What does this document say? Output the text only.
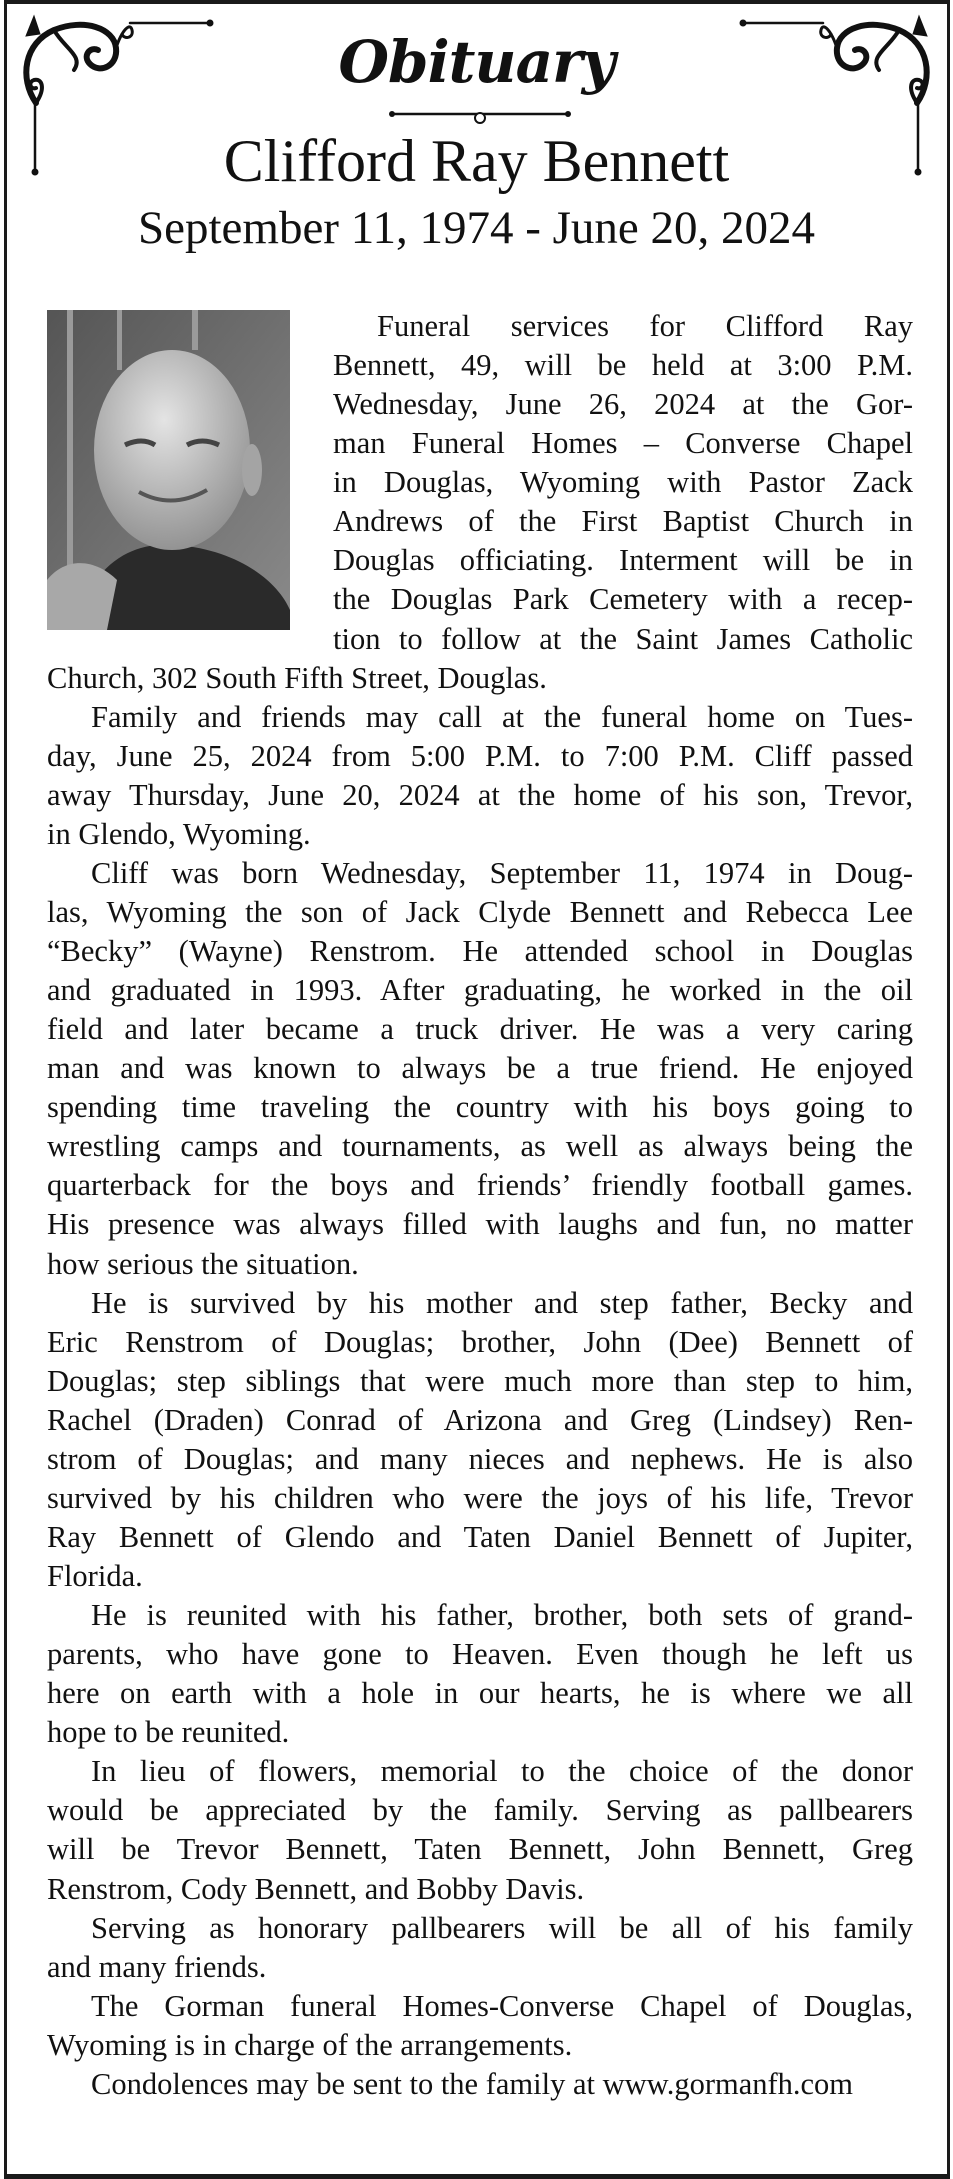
Obituary
Clifford Ray Bennett
September 11, 1974 - June 20, 2024
Funeral services for Clifford Ray
Bennett, 49, will be held at 3:00 P.M.
Wednesday, June 26, 2024 at the Gor-
man Funeral Homes – Converse Chapel
in Douglas, Wyoming with Pastor Zack
Andrews of the First Baptist Church in
Douglas officiating. Interment will be in
the Douglas Park Cemetery with a recep-
tion to follow at the Saint James Catholic
Church, 302 South Fifth Street, Douglas.
Family and friends may call at the funeral home on Tues-
day, June 25, 2024 from 5:00 P.M. to 7:00 P.M. Cliff passed
away Thursday, June 20, 2024 at the home of his son, Trevor,
in Glendo, Wyoming.
Cliff was born Wednesday, September 11, 1974 in Doug-
las, Wyoming the son of Jack Clyde Bennett and Rebecca Lee
“Becky” (Wayne) Renstrom. He attended school in Douglas
and graduated in 1993. After graduating, he worked in the oil
field and later became a truck driver. He was a very caring
man and was known to always be a true friend. He enjoyed
spending time traveling the country with his boys going to
wrestling camps and tournaments, as well as always being the
quarterback for the boys and friends’ friendly football games.
His presence was always filled with laughs and fun, no matter
how serious the situation.
He is survived by his mother and step father, Becky and
Eric Renstrom of Douglas; brother, John (Dee) Bennett of
Douglas; step siblings that were much more than step to him,
Rachel (Draden) Conrad of Arizona and Greg (Lindsey) Ren-
strom of Douglas; and many nieces and nephews. He is also
survived by his children who were the joys of his life, Trevor
Ray Bennett of Glendo and Taten Daniel Bennett of Jupiter,
Florida.
He is reunited with his father, brother, both sets of grand-
parents, who have gone to Heaven. Even though he left us
here on earth with a hole in our hearts, he is where we all
hope to be reunited.
In lieu of flowers, memorial to the choice of the donor
would be appreciated by the family. Serving as pallbearers
will be Trevor Bennett, Taten Bennett, John Bennett, Greg
Renstrom, Cody Bennett, and Bobby Davis.
Serving as honorary pallbearers will be all of his family
and many friends.
The Gorman funeral Homes-Converse Chapel of Douglas,
Wyoming is in charge of the arrangements.
Condolences may be sent to the family at www.gormanfh.com
